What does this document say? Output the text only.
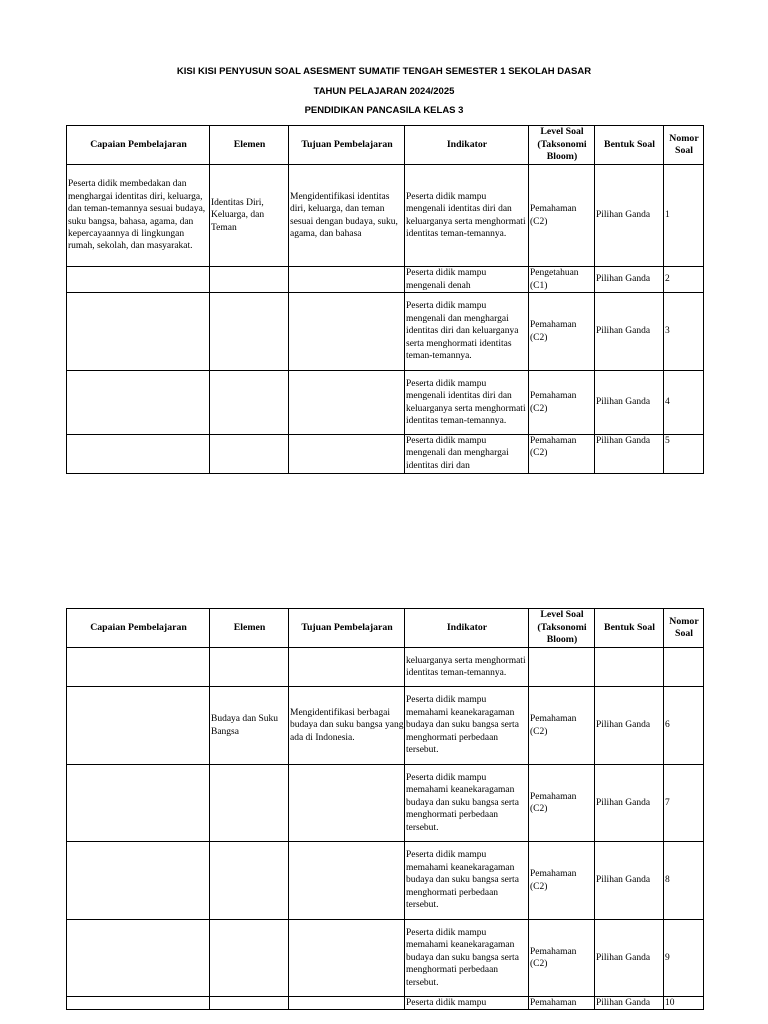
KISI KISI PENYUSUN SOAL ASESMENT SUMATIF TENGAH SEMESTER 1 SEKOLAH DASAR
TAHUN PELAJARAN 2024/2025
PENDIDIKAN PANCASILA KELAS 3
Capaian Pembelajaran	Elemen	Tujuan Pembelajaran	Indikator	Level Soal (Taksonomi Bloom)	Bentuk Soal	Nomor Soal
Peserta didik membedakan dan menghargai identitas diri, keluarga, dan teman-temannya sesuai budaya, suku bangsa, bahasa, agama, dan kepercayaannya di lingkungan rumah, sekolah, dan masyarakat.	Identitas Diri, Keluarga, dan Teman	Mengidentifikasi identitas diri, keluarga, dan teman sesuai dengan budaya, suku, agama, dan bahasa	Peserta didik mampu mengenali identitas diri dan keluarganya serta menghormati identitas teman-temannya.	Pemahaman (C2)	Pilihan Ganda	1
			Peserta didik mampu mengenali denah	Pengetahuan (C1)	Pilihan Ganda	2
			Peserta didik mampu mengenali dan menghargai identitas diri dan keluarganya serta menghormati identitas teman-temannya.	Pemahaman (C2)	Pilihan Ganda	3
			Peserta didik mampu mengenali identitas diri dan keluarganya serta menghormati identitas teman-temannya.	Pemahaman (C2)	Pilihan Ganda	4
			Peserta didik mampu mengenali dan menghargai identitas diri dan	Pemahaman (C2)	Pilihan Ganda	5
Capaian Pembelajaran	Elemen	Tujuan Pembelajaran	Indikator	Level Soal (Taksonomi Bloom)	Bentuk Soal	Nomor Soal
			keluarganya serta menghormati identitas teman-temannya.			
	Budaya dan Suku Bangsa	Mengidentifikasi berbagai budaya dan suku bangsa yang ada di Indonesia.	Peserta didik mampu memahami keanekaragaman budaya dan suku bangsa serta menghormati perbedaan tersebut.	Pemahaman (C2)	Pilihan Ganda	6
			Peserta didik mampu memahami keanekaragaman budaya dan suku bangsa serta menghormati perbedaan tersebut.	Pemahaman (C2)	Pilihan Ganda	7
			Peserta didik mampu memahami keanekaragaman budaya dan suku bangsa serta menghormati perbedaan tersebut.	Pemahaman (C2)	Pilihan Ganda	8
			Peserta didik mampu memahami keanekaragaman budaya dan suku bangsa serta menghormati perbedaan tersebut.	Pemahaman (C2)	Pilihan Ganda	9
			Peserta didik mampu	Pemahaman	Pilihan Ganda	10
